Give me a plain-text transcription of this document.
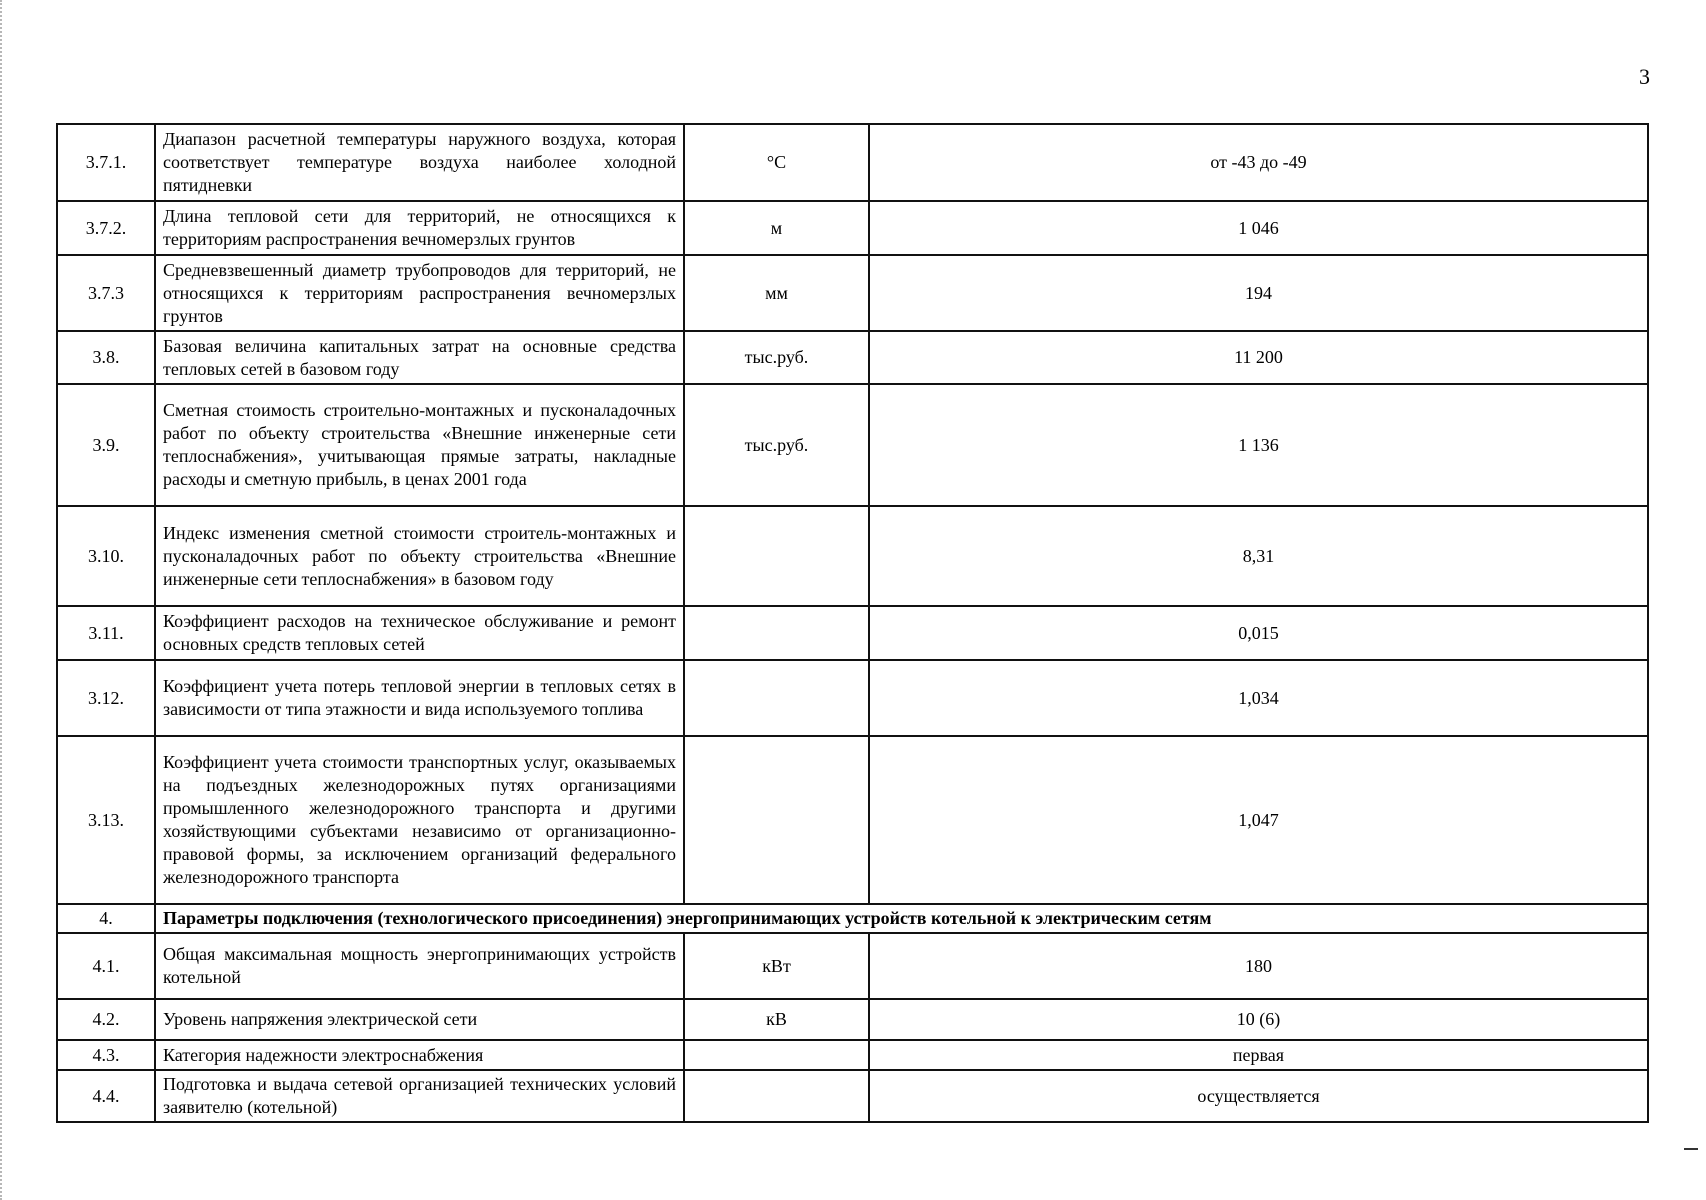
3
3.7.1.	Диапазон расчетной температуры наружного воздуха, которая соответствует температуре воздуха наиболее холодной пятидневки	°C	от -43 до -49
3.7.2.	Длина тепловой сети для территорий, не относящихся к территориям распространения вечномерзлых грунтов	м	1 046
3.7.3	Средневзвешенный диаметр трубопроводов для территорий, не относящихся к территориям распространения вечномерзлых грунтов	мм	194
3.8.	Базовая величина капитальных затрат на основные средства тепловых сетей в базовом году	тыс.руб.	11 200
3.9.	Сметная стоимость строительно-монтажных и пусконаладочных работ по объекту строительства «Внешние инженерные сети теплоснабжения», учитывающая прямые затраты, накладные расходы и сметную прибыль, в ценах 2001 года	тыс.руб.	1 136
3.10.	Индекс изменения сметной стоимости строитель-монтажных и пусконаладочных работ по объекту строительства «Внешние инженерные сети теплоснабжения» в базовом году		8,31
3.11.	Коэффициент расходов на техническое обслуживание и ремонт основных средств тепловых сетей		0,015
3.12.	Коэффициент учета потерь тепловой энергии в тепловых сетях в зависимости от типа этажности и вида используемого топлива		1,034
3.13.	Коэффициент учета стоимости транспортных услуг, оказываемых на подъездных железнодорожных путях организациями промышленного железнодорожного транспорта и другими хозяйствующими субъектами независимо от организационно-правовой формы, за исключением организаций федерального железнодорожного транспорта		1,047
4.	Параметры подключения (технологического присоединения) энергопринимающих устройств котельной к электрическим сетям		
4.1.	Общая максимальная мощность энергопринимающих устройств котельной	кВт	180
4.2.	Уровень напряжения электрической сети	кВ	10 (6)
4.3.	Категория надежности электроснабжения		первая
4.4.	Подготовка и выдача сетевой организацией технических условий заявителю (котельной)		осуществляется
